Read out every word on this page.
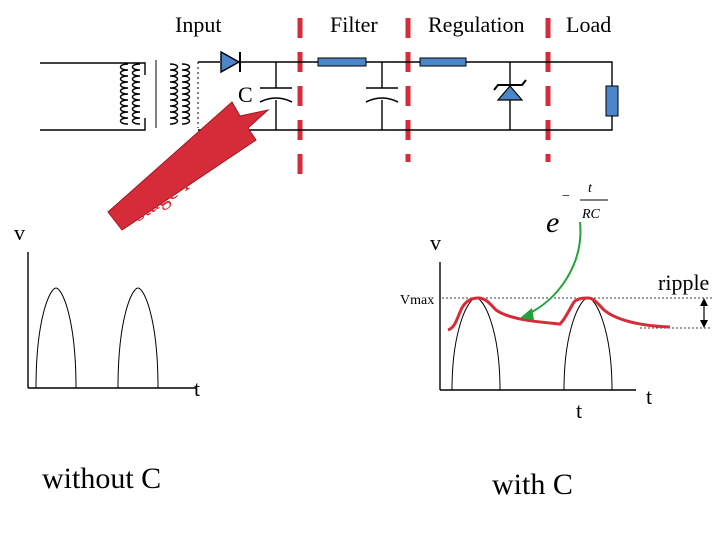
Input	Filter Regulation Load
C
stage I	e
−
t
RC
v
t
without C
v
Vmax
ripple
t
t
with C
